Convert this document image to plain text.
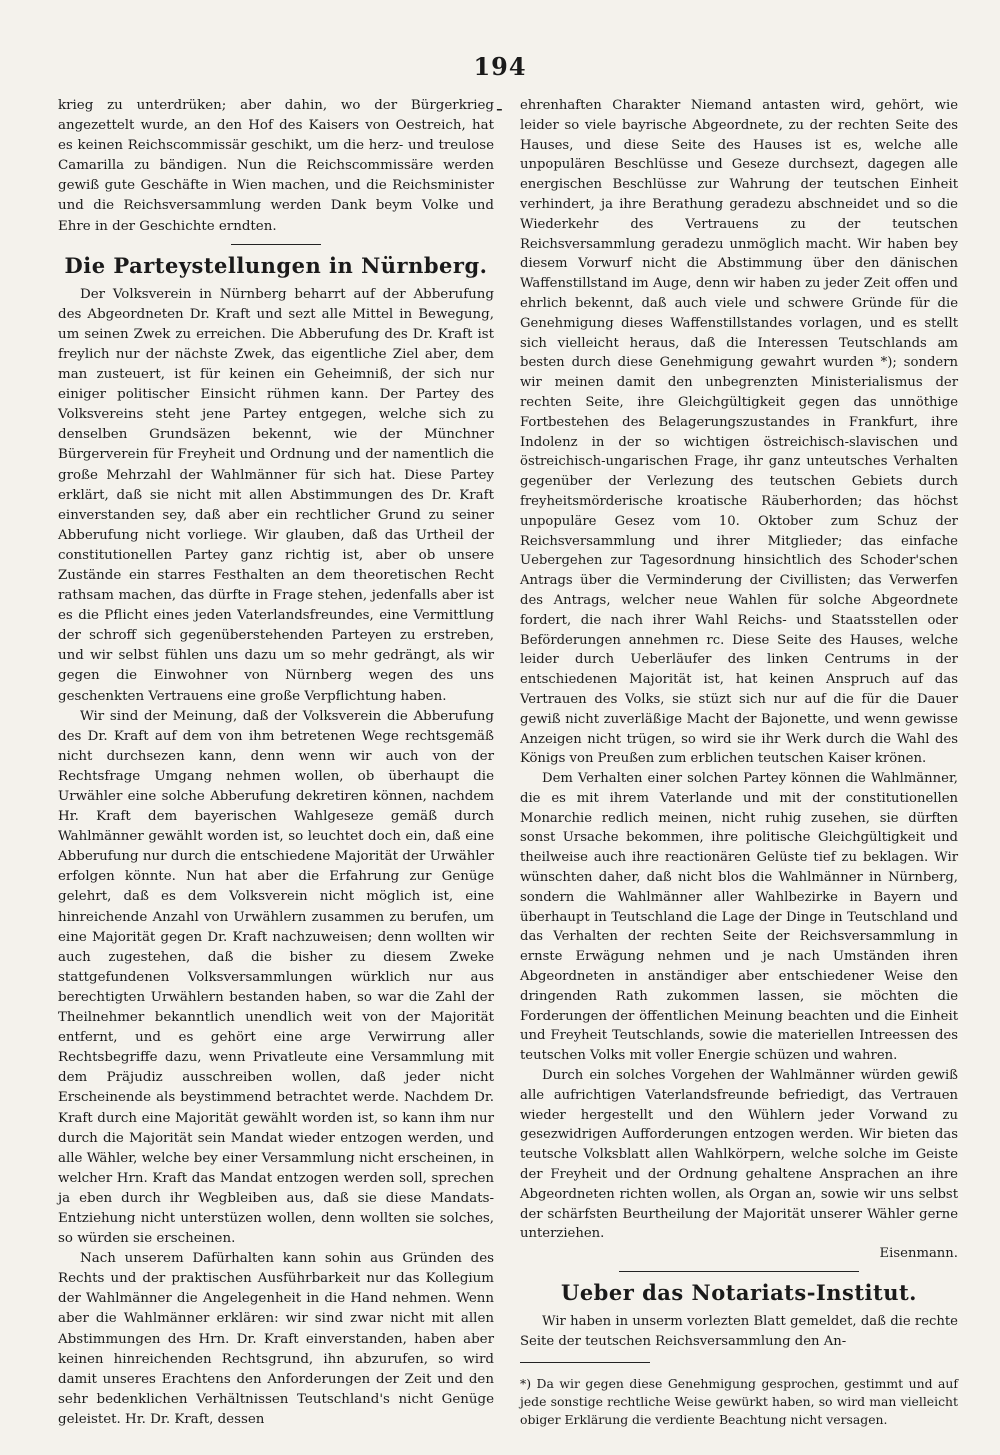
194
-

krieg zu unterdrüken; aber dahin, wo der Bürgerkrieg angezettelt wurde, an den Hof des Kaisers von Oestreich, hat es keinen Reichscommissär geschikt, um die herz- und treulose Camarilla zu bändigen. Nun die Reichscommissäre werden gewiß gute Geschäfte in Wien machen, und die Reichsminister und die Reichsversammlung werden Dank beym Volke und Ehre in der Geschichte erndten.

Die Parteystellungen in Nürnberg.

Der Volksverein in Nürnberg beharrt auf der Abberufung des Abgeordneten Dr. Kraft und sezt alle Mittel in Bewegung, um seinen Zwek zu erreichen. Die Abberufung des Dr. Kraft ist freylich nur der nächste Zwek, das eigentliche Ziel aber, dem man zusteuert, ist für keinen ein Geheimniß, der sich nur einiger politischer Einsicht rühmen kann. Der Partey des Volksvereins steht jene Partey entgegen, welche sich zu denselben Grundsäzen bekennt, wie der Münchner Bürgerverein für Freyheit und Ordnung und der namentlich die große Mehrzahl der Wahlmänner für sich hat. Diese Partey erklärt, daß sie nicht mit allen Abstimmungen des Dr. Kraft einverstanden sey, daß aber ein rechtlicher Grund zu seiner Abberufung nicht vorliege. Wir glauben, daß das Urtheil der constitutionellen Partey ganz richtig ist, aber ob unsere Zustände ein starres Festhalten an dem theoretischen Recht rathsam machen, das dürfte in Frage stehen, jedenfalls aber ist es die Pflicht eines jeden Vaterlandsfreundes, eine Vermittlung der schroff sich gegenüberstehenden Parteyen zu erstreben, und wir selbst fühlen uns dazu um so mehr gedrängt, als wir gegen die Einwohner von Nürnberg wegen des uns geschenkten Vertrauens eine große Verpflichtung haben.

Wir sind der Meinung, daß der Volksverein die Abberufung des Dr. Kraft auf dem von ihm betretenen Wege rechtsgemäß nicht durchsezen kann, denn wenn wir auch von der Rechtsfrage Umgang nehmen wollen, ob überhaupt die Urwähler eine solche Abberufung dekretiren können, nachdem Hr. Kraft dem bayerischen Wahlgeseze gemäß durch Wahlmänner gewählt worden ist, so leuchtet doch ein, daß eine Abberufung nur durch die entschiedene Majorität der Urwähler erfolgen könnte. Nun hat aber die Erfahrung zur Genüge gelehrt, daß es dem Volksverein nicht möglich ist, eine hinreichende Anzahl von Urwählern zusammen zu berufen, um eine Majorität gegen Dr. Kraft nachzuweisen; denn wollten wir auch zugestehen, daß die bisher zu diesem Zweke stattgefundenen Volksversammlungen würklich nur aus berechtigten Urwählern bestanden haben, so war die Zahl der Theilnehmer bekanntlich unendlich weit von der Majorität entfernt, und es gehört eine arge Verwirrung aller Rechtsbegriffe dazu, wenn Privatleute eine Versammlung mit dem Präjudiz ausschreiben wollen, daß jeder nicht Erscheinende als beystimmend betrachtet werde. Nachdem Dr. Kraft durch eine Majorität gewählt worden ist, so kann ihm nur durch die Majorität sein Mandat wieder entzogen werden, und alle Wähler, welche bey einer Versammlung nicht erscheinen, in welcher Hrn. Kraft das Mandat entzogen werden soll, sprechen ja eben durch ihr Wegbleiben aus, daß sie diese Mandats-Entziehung nicht unterstüzen wollen, denn wollten sie solches, so würden sie erscheinen.

Nach unserem Dafürhalten kann sohin aus Gründen des Rechts und der praktischen Ausführbarkeit nur das Kollegium der Wahlmänner die Angelegenheit in die Hand nehmen. Wenn aber die Wahlmänner erklären: wir sind zwar nicht mit allen Abstimmungen des Hrn. Dr. Kraft einverstanden, haben aber keinen hinreichenden Rechtsgrund, ihn abzurufen, so wird damit unseres Erachtens den Anforderungen der Zeit und den sehr bedenklichen Verhältnissen Teutschland's nicht Genüge geleistet. Hr. Dr. Kraft, dessen

ehrenhaften Charakter Niemand antasten wird, gehört, wie leider so viele bayrische Abgeordnete, zu der rechten Seite des Hauses, und diese Seite des Hauses ist es, welche alle unpopulären Beschlüsse und Geseze durchsezt, dagegen alle energischen Beschlüsse zur Wahrung der teutschen Einheit verhindert, ja ihre Berathung geradezu abschneidet und so die Wiederkehr des Vertrauens zu der teutschen Reichsversammlung geradezu unmöglich macht. Wir haben bey diesem Vorwurf nicht die Abstimmung über den dänischen Waffenstillstand im Auge, denn wir haben zu jeder Zeit offen und ehrlich bekennt, daß auch viele und schwere Gründe für die Genehmigung dieses Waffenstillstandes vorlagen, und es stellt sich vielleicht heraus, daß die Interessen Teutschlands am besten durch diese Genehmigung gewahrt wurden *); sondern wir meinen damit den unbegrenzten Ministerialismus der rechten Seite, ihre Gleichgültigkeit gegen das unnöthige Fortbestehen des Belagerungszustandes in Frankfurt, ihre Indolenz in der so wichtigen östreichisch-slavischen und östreichisch-ungarischen Frage, ihr ganz unteutsches Verhalten gegenüber der Verlezung des teutschen Gebiets durch freyheitsmörderische kroatische Räuberhorden; das höchst unpopuläre Gesez vom 10. Oktober zum Schuz der Reichsversammlung und ihrer Mitglieder; das einfache Uebergehen zur Tagesordnung hinsichtlich des Schoder'schen Antrags über die Verminderung der Civillisten; das Verwerfen des Antrags, welcher neue Wahlen für solche Abgeordnete fordert, die nach ihrer Wahl Reichs- und Staatsstellen oder Beförderungen annehmen rc. Diese Seite des Hauses, welche leider durch Ueberläufer des linken Centrums in der entschiedenen Majorität ist, hat keinen Anspruch auf das Vertrauen des Volks, sie stüzt sich nur auf die für die Dauer gewiß nicht zuverläßige Macht der Bajonette, und wenn gewisse Anzeigen nicht trügen, so wird sie ihr Werk durch die Wahl des Königs von Preußen zum erblichen teutschen Kaiser krönen.

Dem Verhalten einer solchen Partey können die Wahlmänner, die es mit ihrem Vaterlande und mit der constitutionellen Monarchie redlich meinen, nicht ruhig zusehen, sie dürften sonst Ursache bekommen, ihre politische Gleichgültigkeit und theilweise auch ihre reactionären Gelüste tief zu beklagen. Wir wünschten daher, daß nicht blos die Wahlmänner in Nürnberg, sondern die Wahlmänner aller Wahlbezirke in Bayern und überhaupt in Teutschland die Lage der Dinge in Teutschland und das Verhalten der rechten Seite der Reichsversammlung in ernste Erwägung nehmen und je nach Umständen ihren Abgeordneten in anständiger aber entschiedener Weise den dringenden Rath zukommen lassen, sie möchten die Forderungen der öffentlichen Meinung beachten und die Einheit und Freyheit Teutschlands, sowie die materiellen Intreessen des teutschen Volks mit voller Energie schüzen und wahren.

Durch ein solches Vorgehen der Wahlmänner würden gewiß alle aufrichtigen Vaterlandsfreunde befriedigt, das Vertrauen wieder hergestellt und den Wühlern jeder Vorwand zu gesezwidrigen Aufforderungen entzogen werden. Wir bieten das teutsche Volksblatt allen Wahlkörpern, welche solche im Geiste der Freyheit und der Ordnung gehaltene Ansprachen an ihre Abgeordneten richten wollen, als Organ an, sowie wir uns selbst der schärfsten Beurtheilung der Majorität unserer Wähler gerne unterziehen.

Eisenmann.

Ueber das Notariats-Institut.

Wir haben in unserm vorlezten Blatt gemeldet, daß die rechte Seite der teutschen Reichsversammlung den An-

*) Da wir gegen diese Genehmigung gesprochen, gestimmt und auf jede sonstige rechtliche Weise gewürkt haben, so wird man vielleicht obiger Erklärung die verdiente Beachtung nicht versagen.
